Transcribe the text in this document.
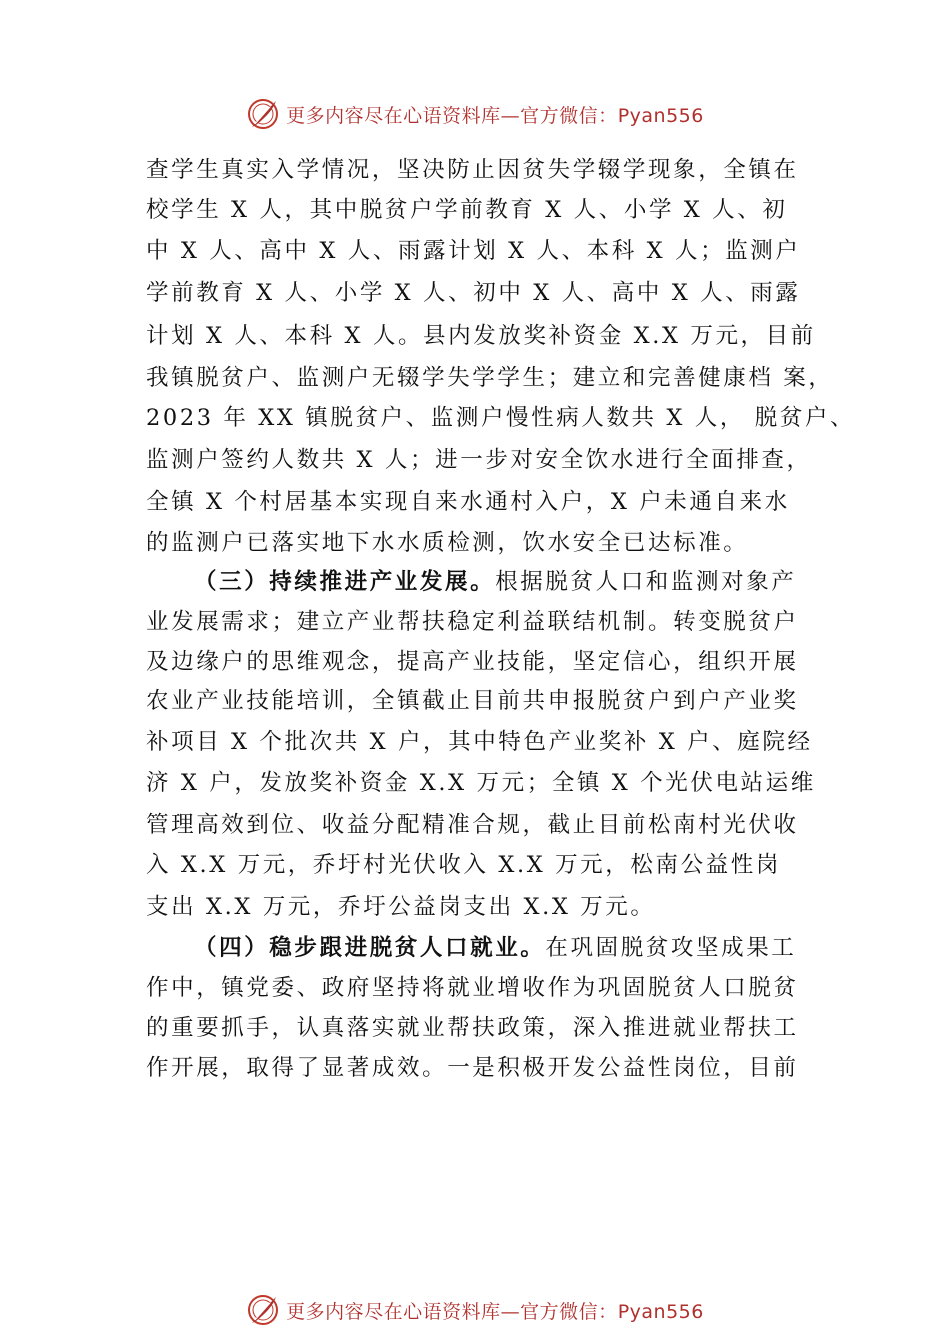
更多内容尽在心语资料库—官方微信：Pyan556
查学生真实入学情况，坚决防止因贫失学辍学现象，全镇在
校学生 X 人，其中脱贫户学前教育 X 人、小学 X 人、初
中 X 人、高中 X 人、雨露计划 X 人、本科 X 人；监测户
学前教育 X 人、小学 X 人、初中 X 人、高中 X 人、雨露
计划 X 人、本科 X 人。县内发放奖补资金 X.X 万元，目前
我镇脱贫户、监测户无辍学失学学生；建立和完善健康档 案，
2023 年 XX 镇脱贫户、监测户慢性病人数共 X 人， 脱贫户、
监测户签约人数共 X 人；进一步对安全饮水进行全面排查，
全镇 X 个村居基本实现自来水通村入户，X 户未通自来水
的监测户已落实地下水水质检测，饮水安全已达标准。
（三）持续推进产业发展。根据脱贫人口和监测对象产
业发展需求；建立产业帮扶稳定利益联结机制。转变脱贫户
及边缘户的思维观念，提高产业技能，坚定信心，组织开展
农业产业技能培训，全镇截止目前共申报脱贫户到户产业奖
补项目 X 个批次共 X 户，其中特色产业奖补 X 户、庭院经
济 X 户，发放奖补资金 X.X 万元；全镇 X 个光伏电站运维
管理高效到位、收益分配精准合规，截止目前松南村光伏收
入 X.X 万元，乔圩村光伏收入 X.X 万元，松南公益性岗
支出 X.X 万元，乔圩公益岗支出 X.X 万元。
（四）稳步跟进脱贫人口就业。在巩固脱贫攻坚成果工
作中，镇党委、政府坚持将就业增收作为巩固脱贫人口脱贫
的重要抓手，认真落实就业帮扶政策，深入推进就业帮扶工
作开展，取得了显著成效。一是积极开发公益性岗位，目前
更多内容尽在心语资料库—官方微信：Pyan556
